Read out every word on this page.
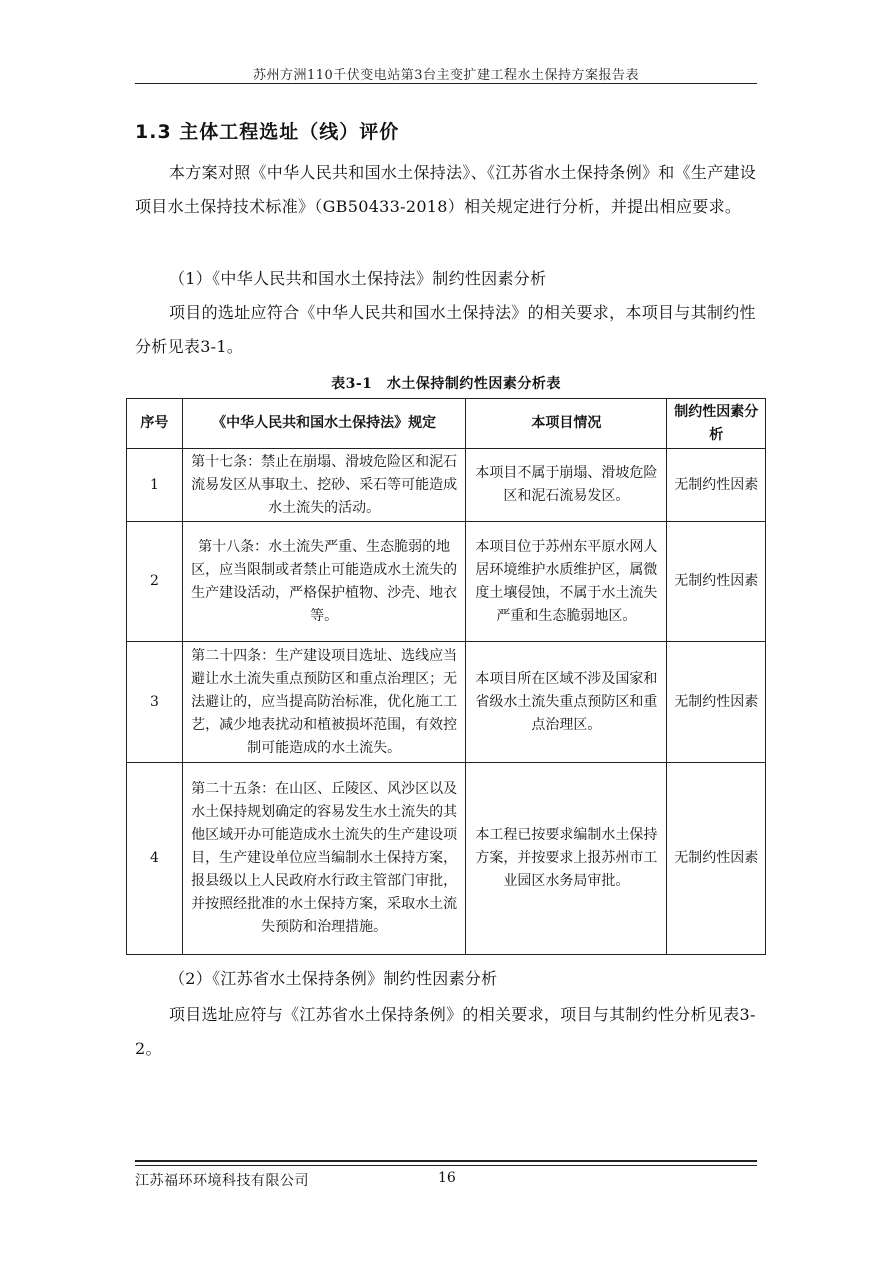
苏州方洲110千伏变电站第3台主变扩建工程水土保持方案报告表
1.3 主体工程选址（线）评价

本方案对照《中华人民共和国水土保持法》、《江苏省水土保持条例》和《生产建设项目水土保持技术标准》（GB50433-2018）相关规定进行分析，并提出相应要求。

（1）《中华人民共和国水土保持法》制约性因素分析

项目的选址应符合《中华人民共和国水土保持法》的相关要求，本项目与其制约性分析见表3-1。

表3-1　水土保持制约性因素分析表
序号	《中华人民共和国水土保持法》规定	本项目情况	制约性因素分析
1	第十七条：禁止在崩塌、滑坡危险区和泥石流易发区从事取土、挖砂、采石等可能造成水土流失的活动。	本项目不属于崩塌、滑坡危险区和泥石流易发区。	无制约性因素
2	第十八条：水土流失严重、生态脆弱的地区，应当限制或者禁止可能造成水土流失的生产建设活动，严格保护植物、沙壳、地衣等。	本项目位于苏州东平原水网人居环境维护水质维护区，属微度土壤侵蚀，不属于水土流失严重和生态脆弱地区。	无制约性因素
3	第二十四条：生产建设项目选址、选线应当避让水土流失重点预防区和重点治理区；无法避让的，应当提高防治标准，优化施工工艺，减少地表扰动和植被损坏范围，有效控制可能造成的水土流失。	本项目所在区域不涉及国家和省级水土流失重点预防区和重点治理区。	无制约性因素
4	第二十五条：在山区、丘陵区、风沙区以及水土保持规划确定的容易发生水土流失的其他区域开办可能造成水土流失的生产建设项目，生产建设单位应当编制水土保持方案，报县级以上人民政府水行政主管部门审批，并按照经批准的水土保持方案，采取水土流失预防和治理措施。	本工程已按要求编制水土保持方案，并按要求上报苏州市工业园区水务局审批。	无制约性因素

（2）《江苏省水土保持条例》制约性因素分析

项目选址应符与《江苏省水土保持条例》的相关要求，项目与其制约性分析见表3-2。

江苏福环环境科技有限公司	16
